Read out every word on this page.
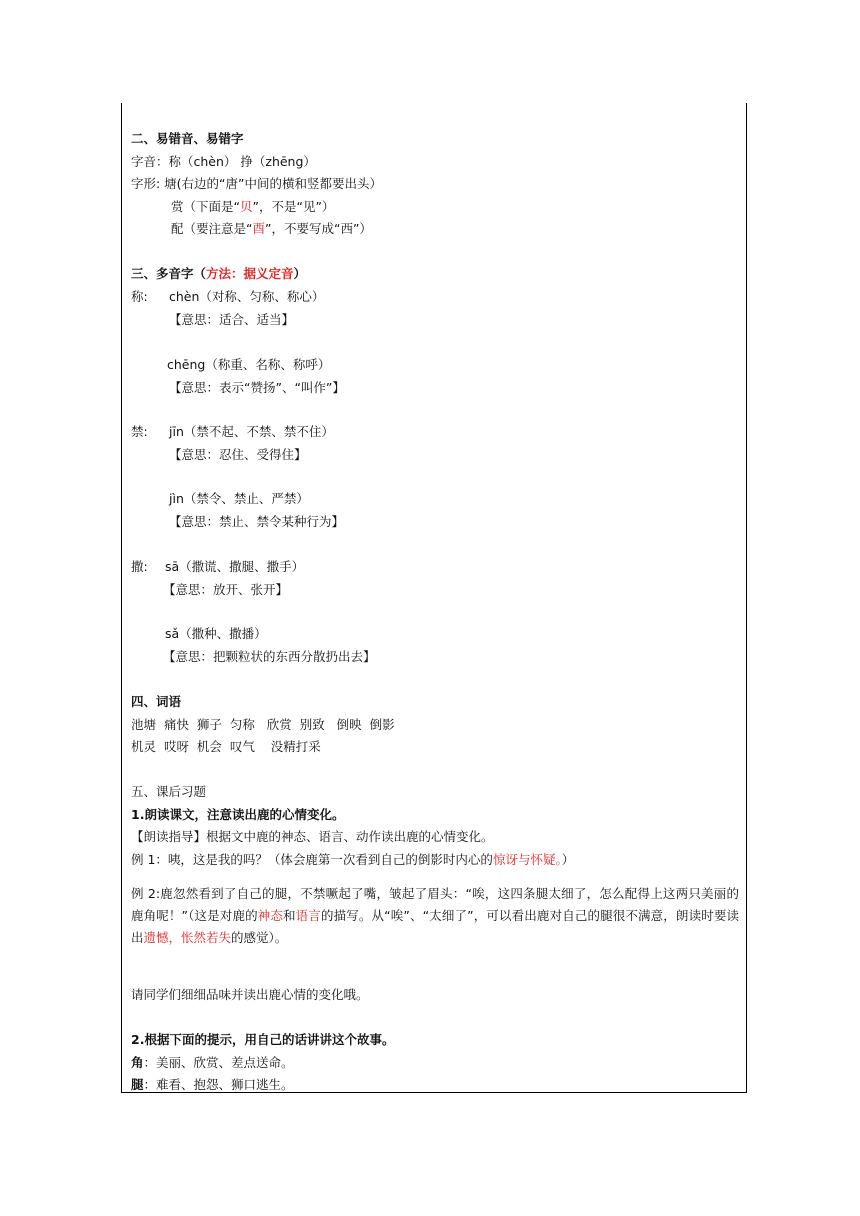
二、易错音、易错字
字音：称（chèn） 挣（zhēng）
字形: 塘(右边的“唐”中间的横和竖都要出头）
赏（下面是“贝”，不是“见”）
配（要注意是“酉”，不要写成“西”）
三、多音字（方法：据义定音）
称: chèn（对称、匀称、称心）
【意思：适合、适当】
chēng（称重、名称、称呼）
【意思：表示“赞扬”、“叫作”】
禁: jīn（禁不起、不禁、禁不住）
【意思：忍住、受得住】
jìn（禁令、禁止、严禁）
【意思：禁止、禁令某种行为】
撒: sā（撒谎、撒腿、撒手）
【意思：放开、张开】
sǎ（撒种、撒播）
【意思：把颗粒状的东西分散扔出去】
四、词语
池塘  痛快  狮子  匀称   欣赏  别致   倒映  倒影
机灵  哎呀  机会  叹气    没精打采
五、课后习题
1.朗读课文，注意读出鹿的心情变化。
【朗读指导】根据文中鹿的神态、语言、动作读出鹿的心情变化。
例 1：咦，这是我的吗？（体会鹿第一次看到自己的倒影时内心的惊讶与怀疑。）
例 2:鹿忽然看到了自己的腿，不禁噘起了嘴，皱起了眉头：“唉，这四条腿太细了，怎么配得上这两只美丽的鹿角呢！”（这是对鹿的神态和语言的描写。从“唉”、“太细了”，可以看出鹿对自己的腿很不满意，朗读时要读出遗憾，怅然若失的感觉）。
请同学们细细品味并读出鹿心情的变化哦。
2.根据下面的提示，用自己的话讲讲这个故事。
角：美丽、欣赏、差点送命。
腿：难看、抱怨、狮口逃生。
